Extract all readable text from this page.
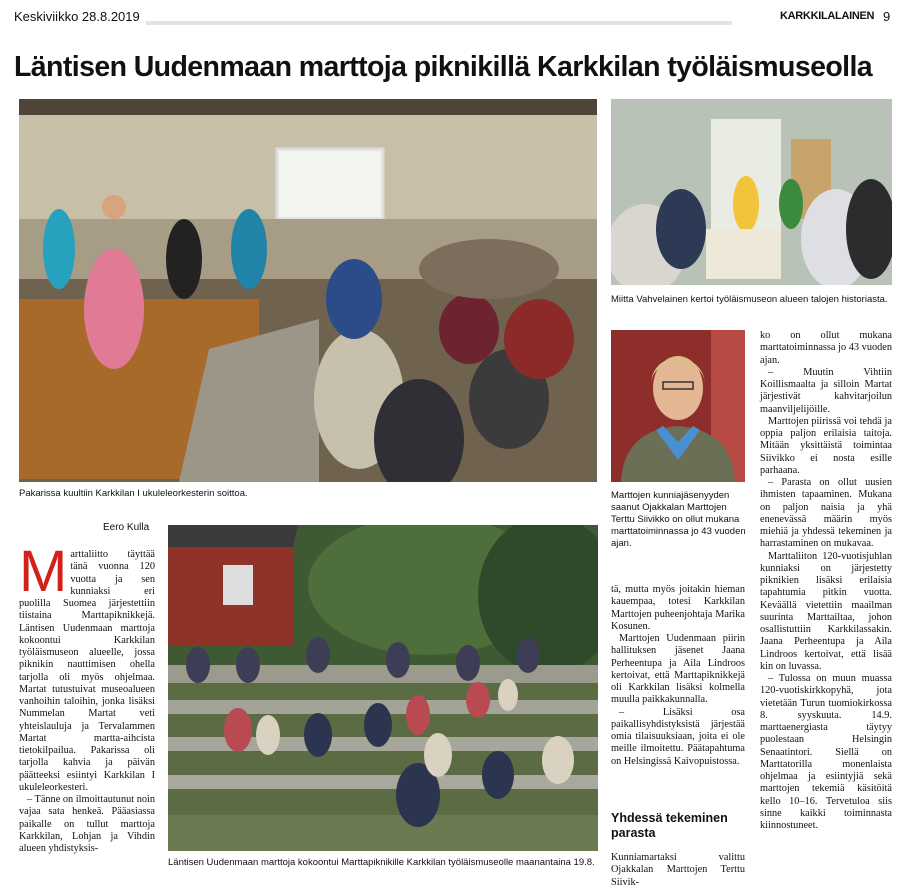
Keskiviikko 28.8.2019	KARKKILALAINEN 9
Läntisen Uudenmaan marttoja piknikillä Karkkilan työläismuseolla
Pakarissa kuultiin Karkkilan I ukuleleorkesterin soittoa.
Miitta Vahvelainen kertoi työläismuseon alueen talojen historiasta.
Marttojen kunniajäsenyyden saanut Ojakkalan Marttojen Terttu Siivikko on ollut mukana marttatoiminnassa jo 43 vuoden ajan.
Läntisen Uudenmaan marttoja kokoontui Marttapiknikille Karkkilan työläismuseolle maanantaina 19.8.
Eero Kulla

Marttaliitto täyttää tänä vuonna 120 vuotta ja sen kunniaksi eri puolilla Suomea järjestettiin tiistaina Marttapiknikkejä. Läntisen Uudenmaan marttoja kokoontui Karkkilan työläismuseon alueelle, jossa piknikin nauttimisen ohella tarjolla oli myös ohjelmaa. Martat tutustuivat museoalueen vanhoihin taloihin, jonka lisäksi Nummelan Martat veti yhteislauluja ja Tervalammen Martat martta-aihcista tietokilpailua. Pakarissa oli tarjolla kahvia ja päivän päätteeksi esiintyi Karkkilan I ukuleleorkesteri.

– Tänne on ilmoittautunut noin vajaa sata henkeä. Pääasiassa paikalle on tullut marttoja Karkkilan, Lohjan ja Vihdin alueen yhdistyksis-

tä, mutta myös joitakin hieman kauempaa, totesi Karkkilan Marttojen puheenjohtaja Marika Kosunen.

Marttojen Uudenmaan piirin hallituksen jäsenet Jaana Perheentupa ja Aila Lindroos kertoivat, että Marttapiknikkejä oli Karkkilan lisäksi kolmella muulla paikkakunnalla.

– Lisäksi osa paikallisyhdistyksistä järjestää omia tilaisuuksiaan, joita ei ole meille ilmoitettu. Päätapahtuma on Helsingissä Kaivopuistossa.

Yhdessä tekeminen parasta

Kunniamartaksi valittu Ojakkalan Marttojen Terttu Siivik-

ko on ollut mukana marttatoiminnassa jo 43 vuoden ajan.

– Muutin Vihtiin Koillismaalta ja silloin Martat järjestivät kahvitarjoilun maanviljelijöille.

Marttojen piirissä voi tehdä ja oppia paljon erilaisia taitoja. Mitään yksittäistä toimintaa Siivikko ei nosta esille parhaana.

– Parasta on ollut uusien ihmisten tapaaminen. Mukana on paljon naisia ja yhä enenevässä määrin myös miehiä ja yhdessä tekeminen ja harrastaminen on mukavaa.

Marttaliiton 120-vuotisjuhlan kunniaksi on järjestetty piknikien lisäksi erilaisia tapahtumia pitkin vuotta. Keväällä vietettiin maailman suurinta Marttailtaa, johon osallistuttiin Karkkilassakin. Jaana Perheentupa ja Aila Lindroos kertoivat, että lisää kin on luvassa.

– Tulossa on muun muassa 120-vuotiskirkkopyhä, jota vietetään Turun tuomiokirkossa 8. syyskuuta. 14.9. marttaenergiasta täytyy puolestaan Helsingin Senaatintori. Siellä on Marttatorilla monenlaista ohjelmaa ja esiintyjiä sekä marttojen tekemiä käsitöitä kello 10–16. Tervetuloa siis sinne kaikki toiminnasta kiinnostuneet.
